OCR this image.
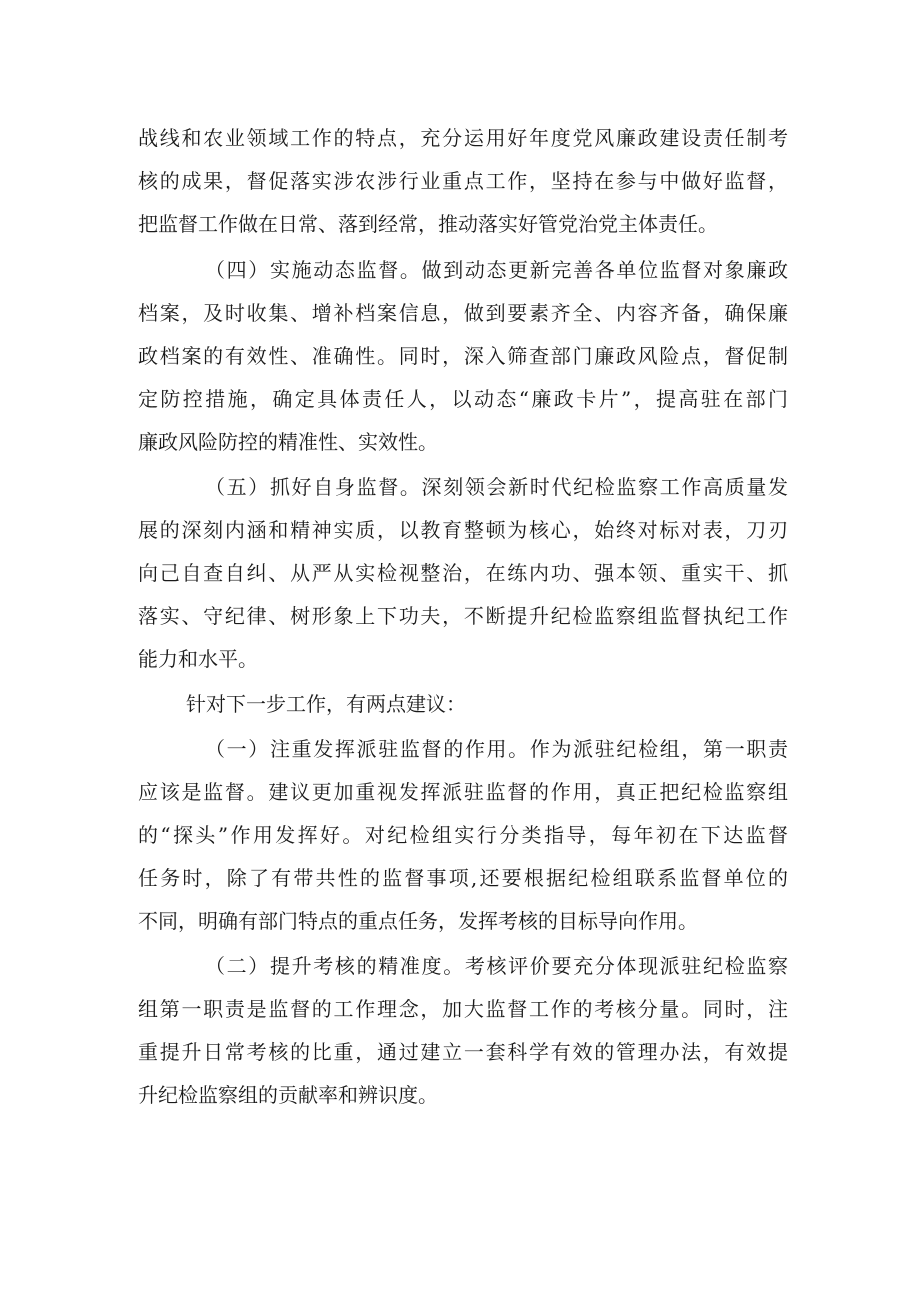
战线和农业领域工作的特点，充分运用好年度党风廉政建设责任制考
核的成果，督促落实涉农涉行业重点工作，坚持在参与中做好监督，
把监督工作做在日常、落到经常，推动落实好管党治党主体责任。
（四）实施动态监督。做到动态更新完善各单位监督对象廉政
档案，及时收集、增补档案信息，做到要素齐全、内容齐备，确保廉
政档案的有效性、准确性。同时，深入筛查部门廉政风险点，督促制
定防控措施，确定具体责任人，以动态“廉政卡片”，提高驻在部门
廉政风险防控的精准性、实效性。
（五）抓好自身监督。深刻领会新时代纪检监察工作高质量发
展的深刻内涵和精神实质，以教育整顿为核心，始终对标对表，刀刃
向己自查自纠、从严从实检视整治，在练内功、强本领、重实干、抓
落实、守纪律、树形象上下功夫，不断提升纪检监察组监督执纪工作
能力和水平。
针对下一步工作，有两点建议：
（一）注重发挥派驻监督的作用。作为派驻纪检组，第一职责
应该是监督。建议更加重视发挥派驻监督的作用，真正把纪检监察组
的“探头”作用发挥好。对纪检组实行分类指导，每年初在下达监督
任务时，除了有带共性的监督事项,还要根据纪检组联系监督单位的
不同，明确有部门特点的重点任务，发挥考核的目标导向作用。
（二）提升考核的精准度。考核评价要充分体现派驻纪检监察
组第一职责是监督的工作理念，加大监督工作的考核分量。同时，注
重提升日常考核的比重，通过建立一套科学有效的管理办法，有效提
升纪检监察组的贡献率和辨识度。
